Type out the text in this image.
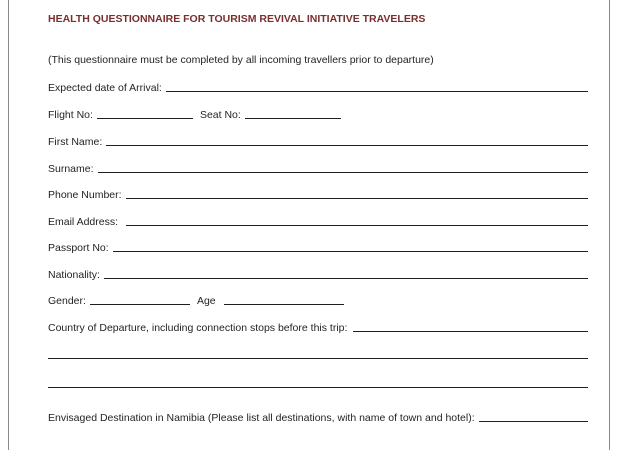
HEALTH QUESTIONNAIRE FOR TOURISM REVIVAL INITIATIVE TRAVELERS
(This questionnaire must be completed by all incoming travellers prior to departure)
Expected date of Arrival:
Flight No:	Seat No:
First Name:
Surname:
Phone Number:
Email Address:
Passport No:
Nationality:
Gender:	Age
Country of Departure, including connection stops before this trip:
Envisaged Destination in Namibia (Please list all destinations, with name of town and hotel):
